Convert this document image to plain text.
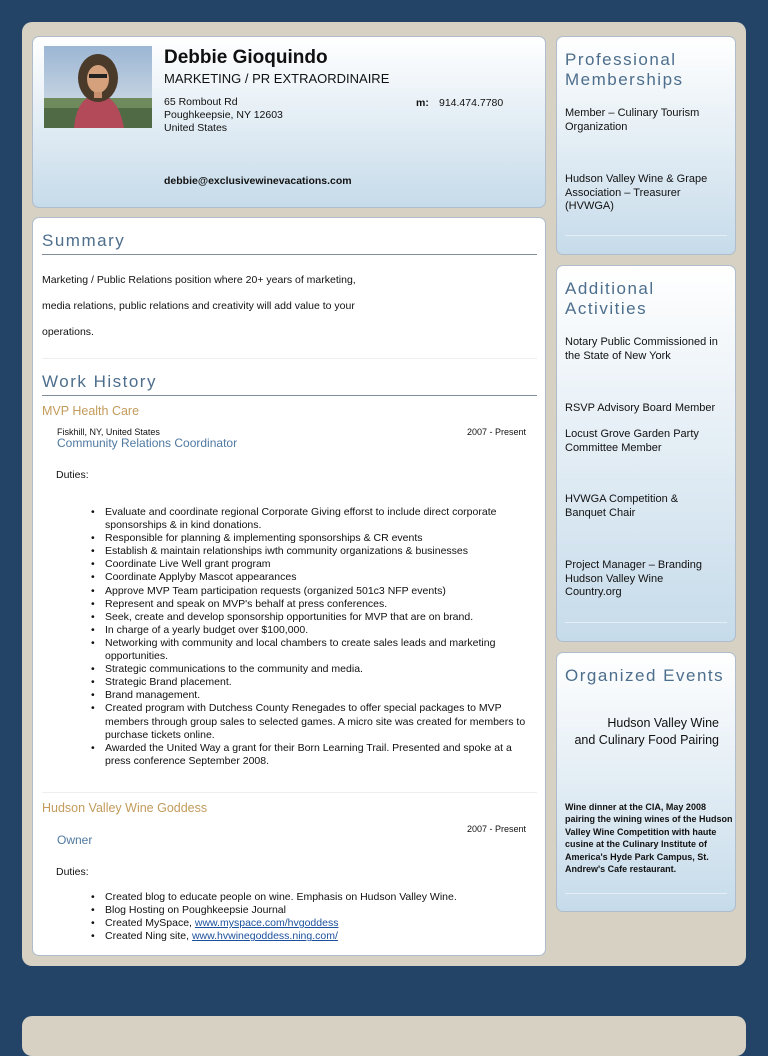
Debbie Gioquindo
MARKETING / PR EXTRAORDINAIRE
65 Rombout Rd
Poughkeepsie, NY 12603
United States
m: 914.474.7780
debbie@exclusivewinevacations.com
Summary
Marketing / Public Relations position where 20+ years of marketing,
media relations, public relations and creativity will add value to your
operations.
Work History
MVP Health Care
Fiskhill, NY, United States	2007 - Present
Community Relations Coordinator
Duties:
• Evaluate and coordinate regional Corporate Giving efforst to include direct corporate sponsorships & in kind donations.
• Responsible for planning & implementing sponsorships & CR events
• Establish & maintain relationships iwth community organizations & businesses
• Coordinate Live Well grant program
• Coordinate Applyby Mascot appearances
• Approve MVP Team participation requests (organized 501c3 NFP events)
• Represent and speak on MVP's behalf at press conferences.
• Seek, create and develop sponsorship opportunities for MVP that are on brand.
• In charge of a yearly budget over $100,000.
• Networking with community and local chambers to create sales leads and marketing opportunities.
• Strategic communications to the community and media.
• Strategic Brand placement.
• Brand management.
• Created program with Dutchess County Renegades to offer special packages to MVP members through group sales to selected games. A micro site was created for members to purchase tickets online.
• Awarded the United Way a grant for their Born Learning Trail. Presented and spoke at a press conference September 2008.
Hudson Valley Wine Goddess
2007 - Present
Owner
Duties:
• Created blog to educate people on wine. Emphasis on Hudson Valley Wine.
• Blog Hosting on Poughkeepsie Journal
• Created MySpace, www.myspace.com/hvgoddess
• Created Ning site, www.hvwinegoddess.ning.com/
Professional
Memberships
Member – Culinary Tourism Organization
Hudson Valley Wine & Grape Association – Treasurer (HVWGA)
Additional
Activities
Notary Public Commissioned in the State of New York
RSVP Advisory Board Member
Locust Grove Garden Party Committee Member
HVWGA Competition & Banquet Chair
Project Manager – Branding Hudson Valley Wine Country.org
Organized Events
Hudson Valley Wine
and Culinary Food Pairing
Wine dinner at the CIA, May 2008
pairing the wining wines of the Hudson
Valley Wine Competition with haute
cusine at the Culinary Institute of
America's Hyde Park Campus, St.
Andrew's Cafe restaurant.
